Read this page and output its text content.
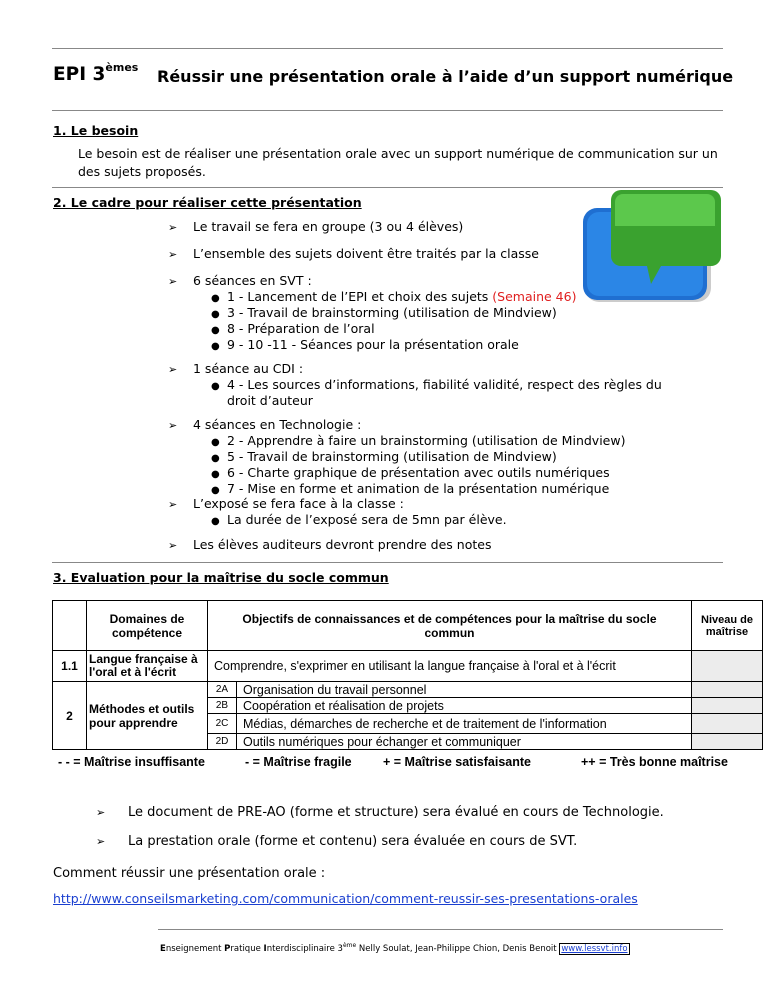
EPI 3èmes Réussir une présentation orale à l’aide d’un support numérique
1. Le besoin
Le besoin est de réaliser une présentation orale avec un support numérique de communication sur un des sujets proposés.
2. Le cadre pour réaliser cette présentation
➢ Le travail se fera en groupe (3 ou 4 élèves)
➢ L’ensemble des sujets doivent être traités par la classe
➢ 6 séances en SVT :
● 1 - Lancement de l’EPI et choix des sujets (Semaine 46)
● 3 - Travail de brainstorming (utilisation de Mindview)
● 8 - Préparation de l’oral
● 9 - 10 -11 - Séances pour la présentation orale
➢ 1 séance au CDI :
● 4 - Les sources d’informations, fiabilité validité, respect des règles du
droit d’auteur
➢ 4 séances en Technologie :
● 2 - Apprendre à faire un brainstorming (utilisation de Mindview)
● 5 - Travail de brainstorming (utilisation de Mindview)
● 6 - Charte graphique de présentation avec outils numériques
● 7 - Mise en forme et animation de la présentation numérique
➢ L’exposé se fera face à la classe :
● La durée de l’exposé sera de 5mn par élève.
➢ Les élèves auditeurs devront prendre des notes
3. Evaluation pour la maîtrise du socle commun
	Domaines de compétence	Objectifs de connaissances et de compétences pour la maîtrise du socle commun		Niveau de maîtrise
1.1	Langue française à l'oral et à l'écrit	Comprendre, s'exprimer en utilisant la langue française à l'oral et à l'écrit		
2	Méthodes et outils pour apprendre	2A	Organisation du travail personnel	
		2B	Coopération et réalisation de projets	
		2C	Médias, démarches de recherche et de traitement de l'information	
		2D	Outils numériques pour échanger et communiquer	
- - = Maîtrise insuffisante	- = Maîtrise fragile	+ = Maîtrise satisfaisante	++ = Très bonne maîtrise
➢ Le document de PRE-AO (forme et structure) sera évalué en cours de Technologie.
➢ La prestation orale (forme et contenu) sera évaluée en cours de SVT.
Comment réussir une présentation orale :
http://www.conseilsmarketing.com/communication/comment-reussir-ses-presentations-orales
Enseignement Pratique Interdisciplinaire 3ème Nelly Soulat, Jean-Philippe Chion, Denis Benoit www.lessvt.info
